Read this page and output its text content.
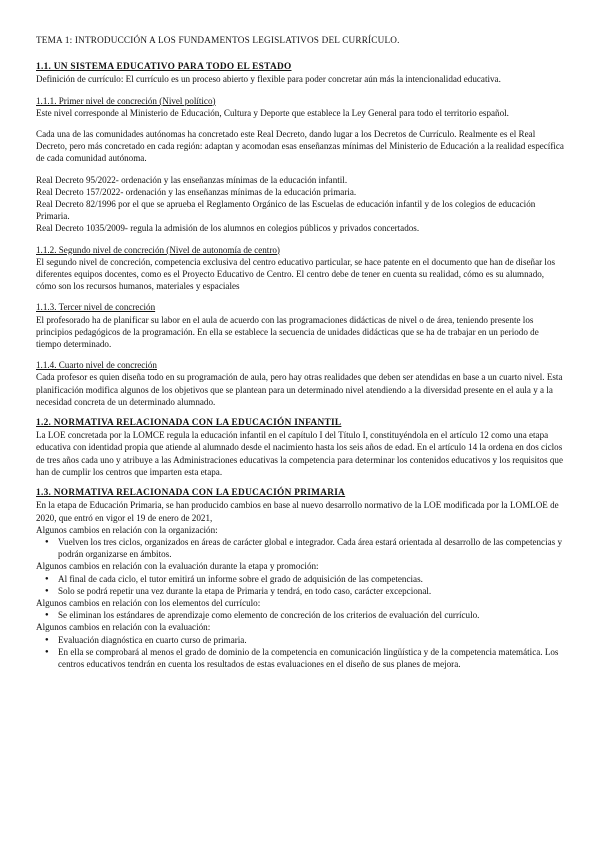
TEMA 1: INTRODUCCIÓN A LOS FUNDAMENTOS LEGISLATIVOS DEL CURRÍCULO.

1.1. UN SISTEMA EDUCATIVO PARA TODO EL ESTADO

Definición de currículo: El currículo es un proceso abierto y flexible para poder concretar aún más la intencionalidad educativa.

1.1.1. Primer nivel de concreción (Nivel político)

Este nivel corresponde al Ministerio de Educación, Cultura y Deporte que establece la Ley General para todo el territorio español.

Cada una de las comunidades autónomas ha concretado este Real Decreto, dando lugar a los Decretos de Currículo. Realmente es el Real Decreto, pero más concretado en cada región: adaptan y acomodan esas enseñanzas mínimas del Ministerio de Educación a la realidad específica de cada comunidad autónoma.

Real Decreto 95/2022- ordenación y las enseñanzas mínimas de la educación infantil.

Real Decreto 157/2022- ordenación y las enseñanzas mínimas de la educación primaria.

Real Decreto 82/1996 por el que se aprueba el Reglamento Orgánico de las Escuelas de educación infantil y de los colegios de educación Primaria.

Real Decreto 1035/2009- regula la admisión de los alumnos en colegios públicos y privados concertados.

1.1.2. Segundo nivel de concreción (Nivel de autonomía de centro)

El segundo nivel de concreción, competencia exclusiva del centro educativo particular, se hace patente en el documento que han de diseñar los diferentes equipos docentes, como es el Proyecto Educativo de Centro. El centro debe de tener en cuenta su realidad, cómo es su alumnado, cómo son los recursos humanos, materiales y espaciales

1.1.3. Tercer nivel de concreción

El profesorado ha de planificar su labor en el aula de acuerdo con las programaciones didácticas de nivel o de área, teniendo presente los principios pedagógicos de la programación. En ella se establece la secuencia de unidades didácticas que se ha de trabajar en un periodo de tiempo determinado.

1.1.4. Cuarto nivel de concreción

Cada profesor es quien diseña todo en su programación de aula, pero hay otras realidades que deben ser atendidas en base a un cuarto nivel. Esta planificación modifica algunos de los objetivos que se plantean para un determinado nivel atendiendo a la diversidad presente en el aula y a la necesidad concreta de un determinado alumnado.

1.2. NORMATIVA RELACIONADA CON LA EDUCACIÓN INFANTIL

La LOE concretada por la LOMCE regula la educación infantil en el capítulo I del Título I, constituyéndola en el artículo 12 como una etapa educativa con identidad propia que atiende al alumnado desde el nacimiento hasta los seis años de edad. En el artículo 14 la ordena en dos ciclos de tres años cada uno y atribuye a las Administraciones educativas la competencia para determinar los contenidos educativos y los requisitos que han de cumplir los centros que imparten esta etapa.

1.3. NORMATIVA RELACIONADA CON LA EDUCACIÓN PRIMARIA

En la etapa de Educación Primaria, se han producido cambios en base al nuevo desarrollo normativo de la LOE modificada por la LOMLOE de 2020, que entró en vigor el 19 de enero de 2021,

Algunos cambios en relación con la organización:

● Vuelven los tres ciclos, organizados en áreas de carácter global e integrador. Cada área estará orientada al desarrollo de las competencias y podrán organizarse en ámbitos.

Algunos cambios en relación con la evaluación durante la etapa y promoción:

● Al final de cada ciclo, el tutor emitirá un informe sobre el grado de adquisición de las competencias.
● Solo se podrá repetir una vez durante la etapa de Primaria y tendrá, en todo caso, carácter excepcional.

Algunos cambios en relación con los elementos del currículo:

● Se eliminan los estándares de aprendizaje como elemento de concreción de los criterios de evaluación del currículo.

Algunos cambios en relación con la evaluación:

● Evaluación diagnóstica en cuarto curso de primaria.
● En ella se comprobará al menos el grado de dominio de la competencia en comunicación lingüística y de la competencia matemática. Los centros educativos tendrán en cuenta los resultados de estas evaluaciones en el diseño de sus planes de mejora.
